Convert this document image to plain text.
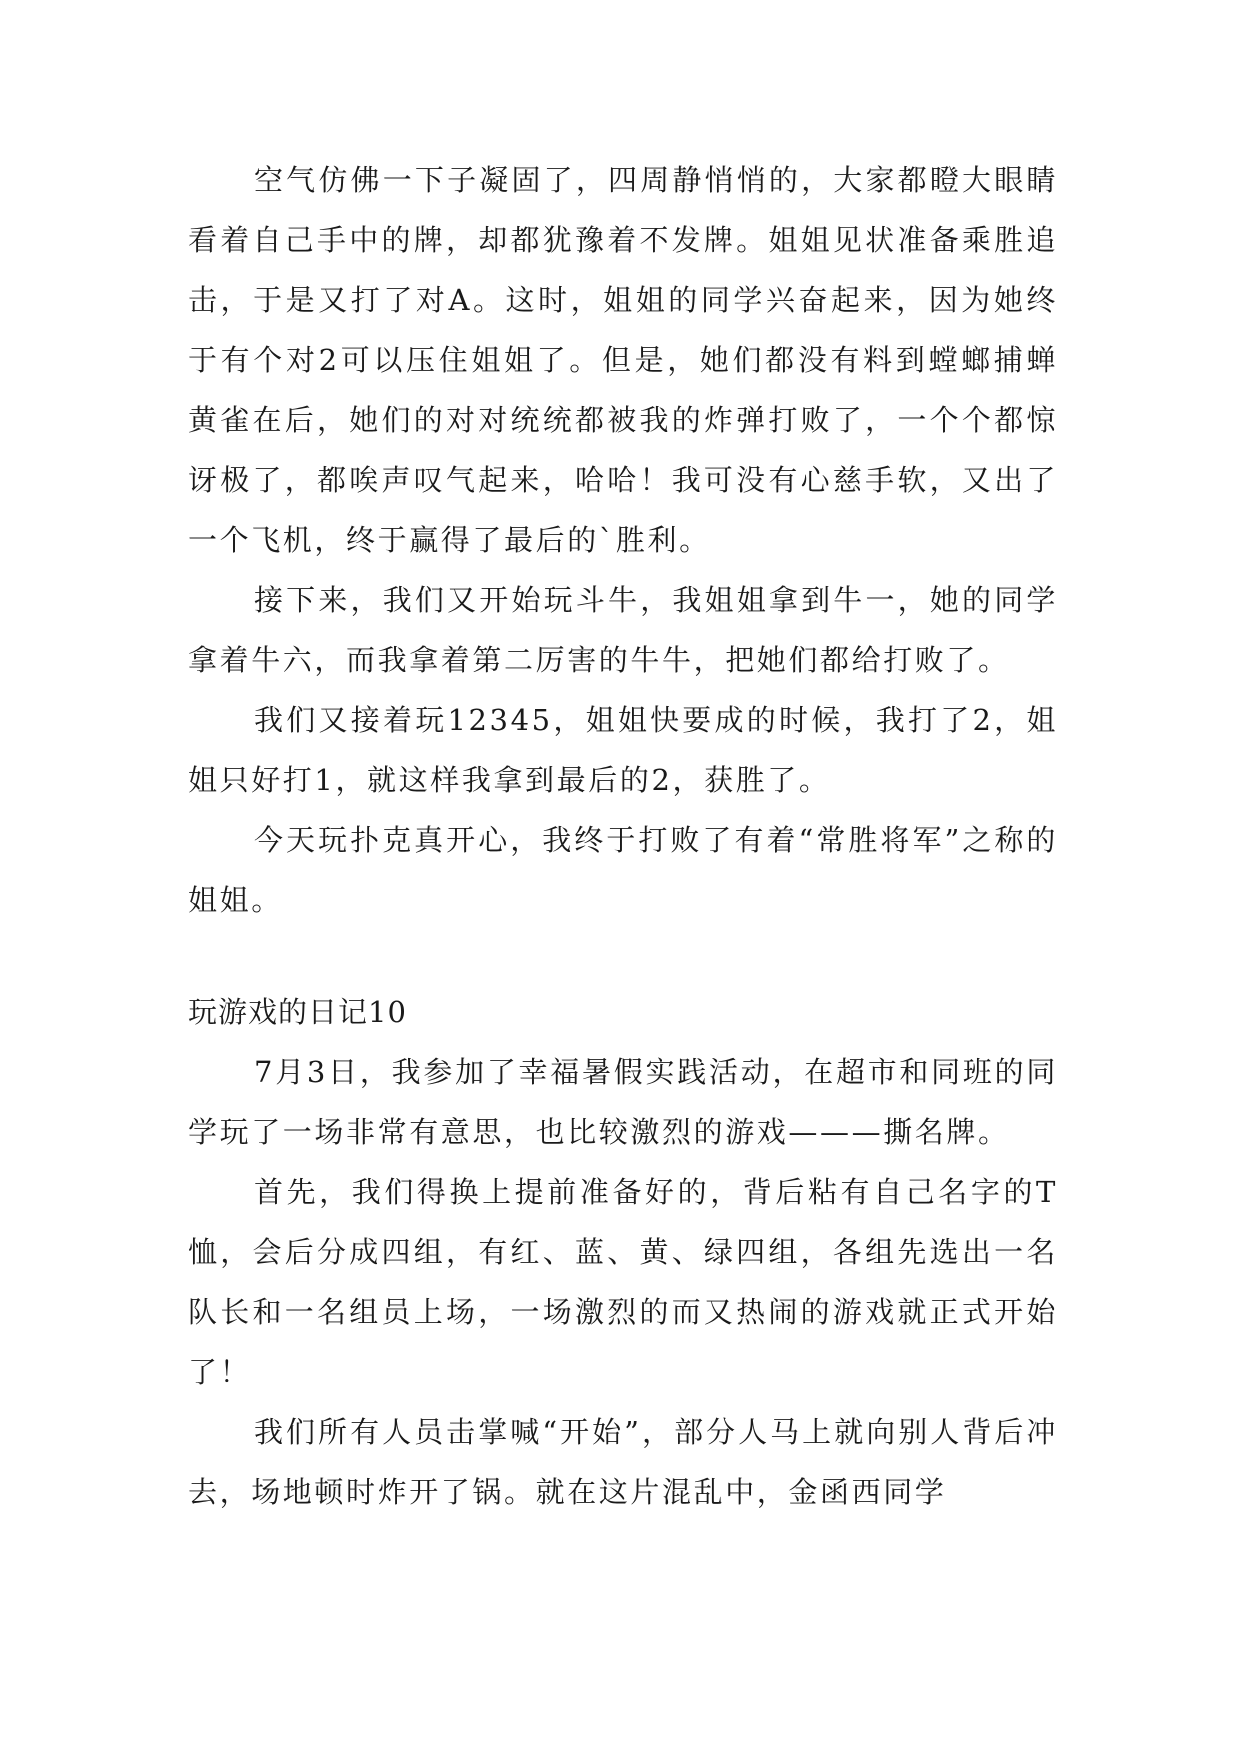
空气仿佛一下子凝固了，四周静悄悄的，大家都瞪大眼睛看着自己手中的牌，却都犹豫着不发牌。姐姐见状准备乘胜追击，于是又打了对A。这时，姐姐的同学兴奋起来，因为她终于有个对2可以压住姐姐了。但是，她们都没有料到螳螂捕蝉黄雀在后，她们的对对统统都被我的炸弹打败了，一个个都惊讶极了，都唉声叹气起来，哈哈！我可没有心慈手软，又出了一个飞机，终于赢得了最后的`胜利。

接下来，我们又开始玩斗牛，我姐姐拿到牛一，她的同学拿着牛六，而我拿着第二厉害的牛牛，把她们都给打败了。

我们又接着玩12345，姐姐快要成的时候，我打了2，姐姐只好打1，就这样我拿到最后的2，获胜了。

今天玩扑克真开心，我终于打败了有着“常胜将军”之称的姐姐。

玩游戏的日记10

7月3日，我参加了幸福暑假实践活动，在超市和同班的同学玩了一场非常有意思，也比较激烈的游戏———撕名牌。

首先，我们得换上提前准备好的，背后粘有自己名字的T恤，会后分成四组，有红、蓝、黄、绿四组，各组先选出一名队长和一名组员上场，一场激烈的而又热闹的游戏就正式开始了！

我们所有人员击掌喊“开始”，部分人马上就向别人背后冲去，场地顿时炸开了锅。就在这片混乱中，金函西同学
